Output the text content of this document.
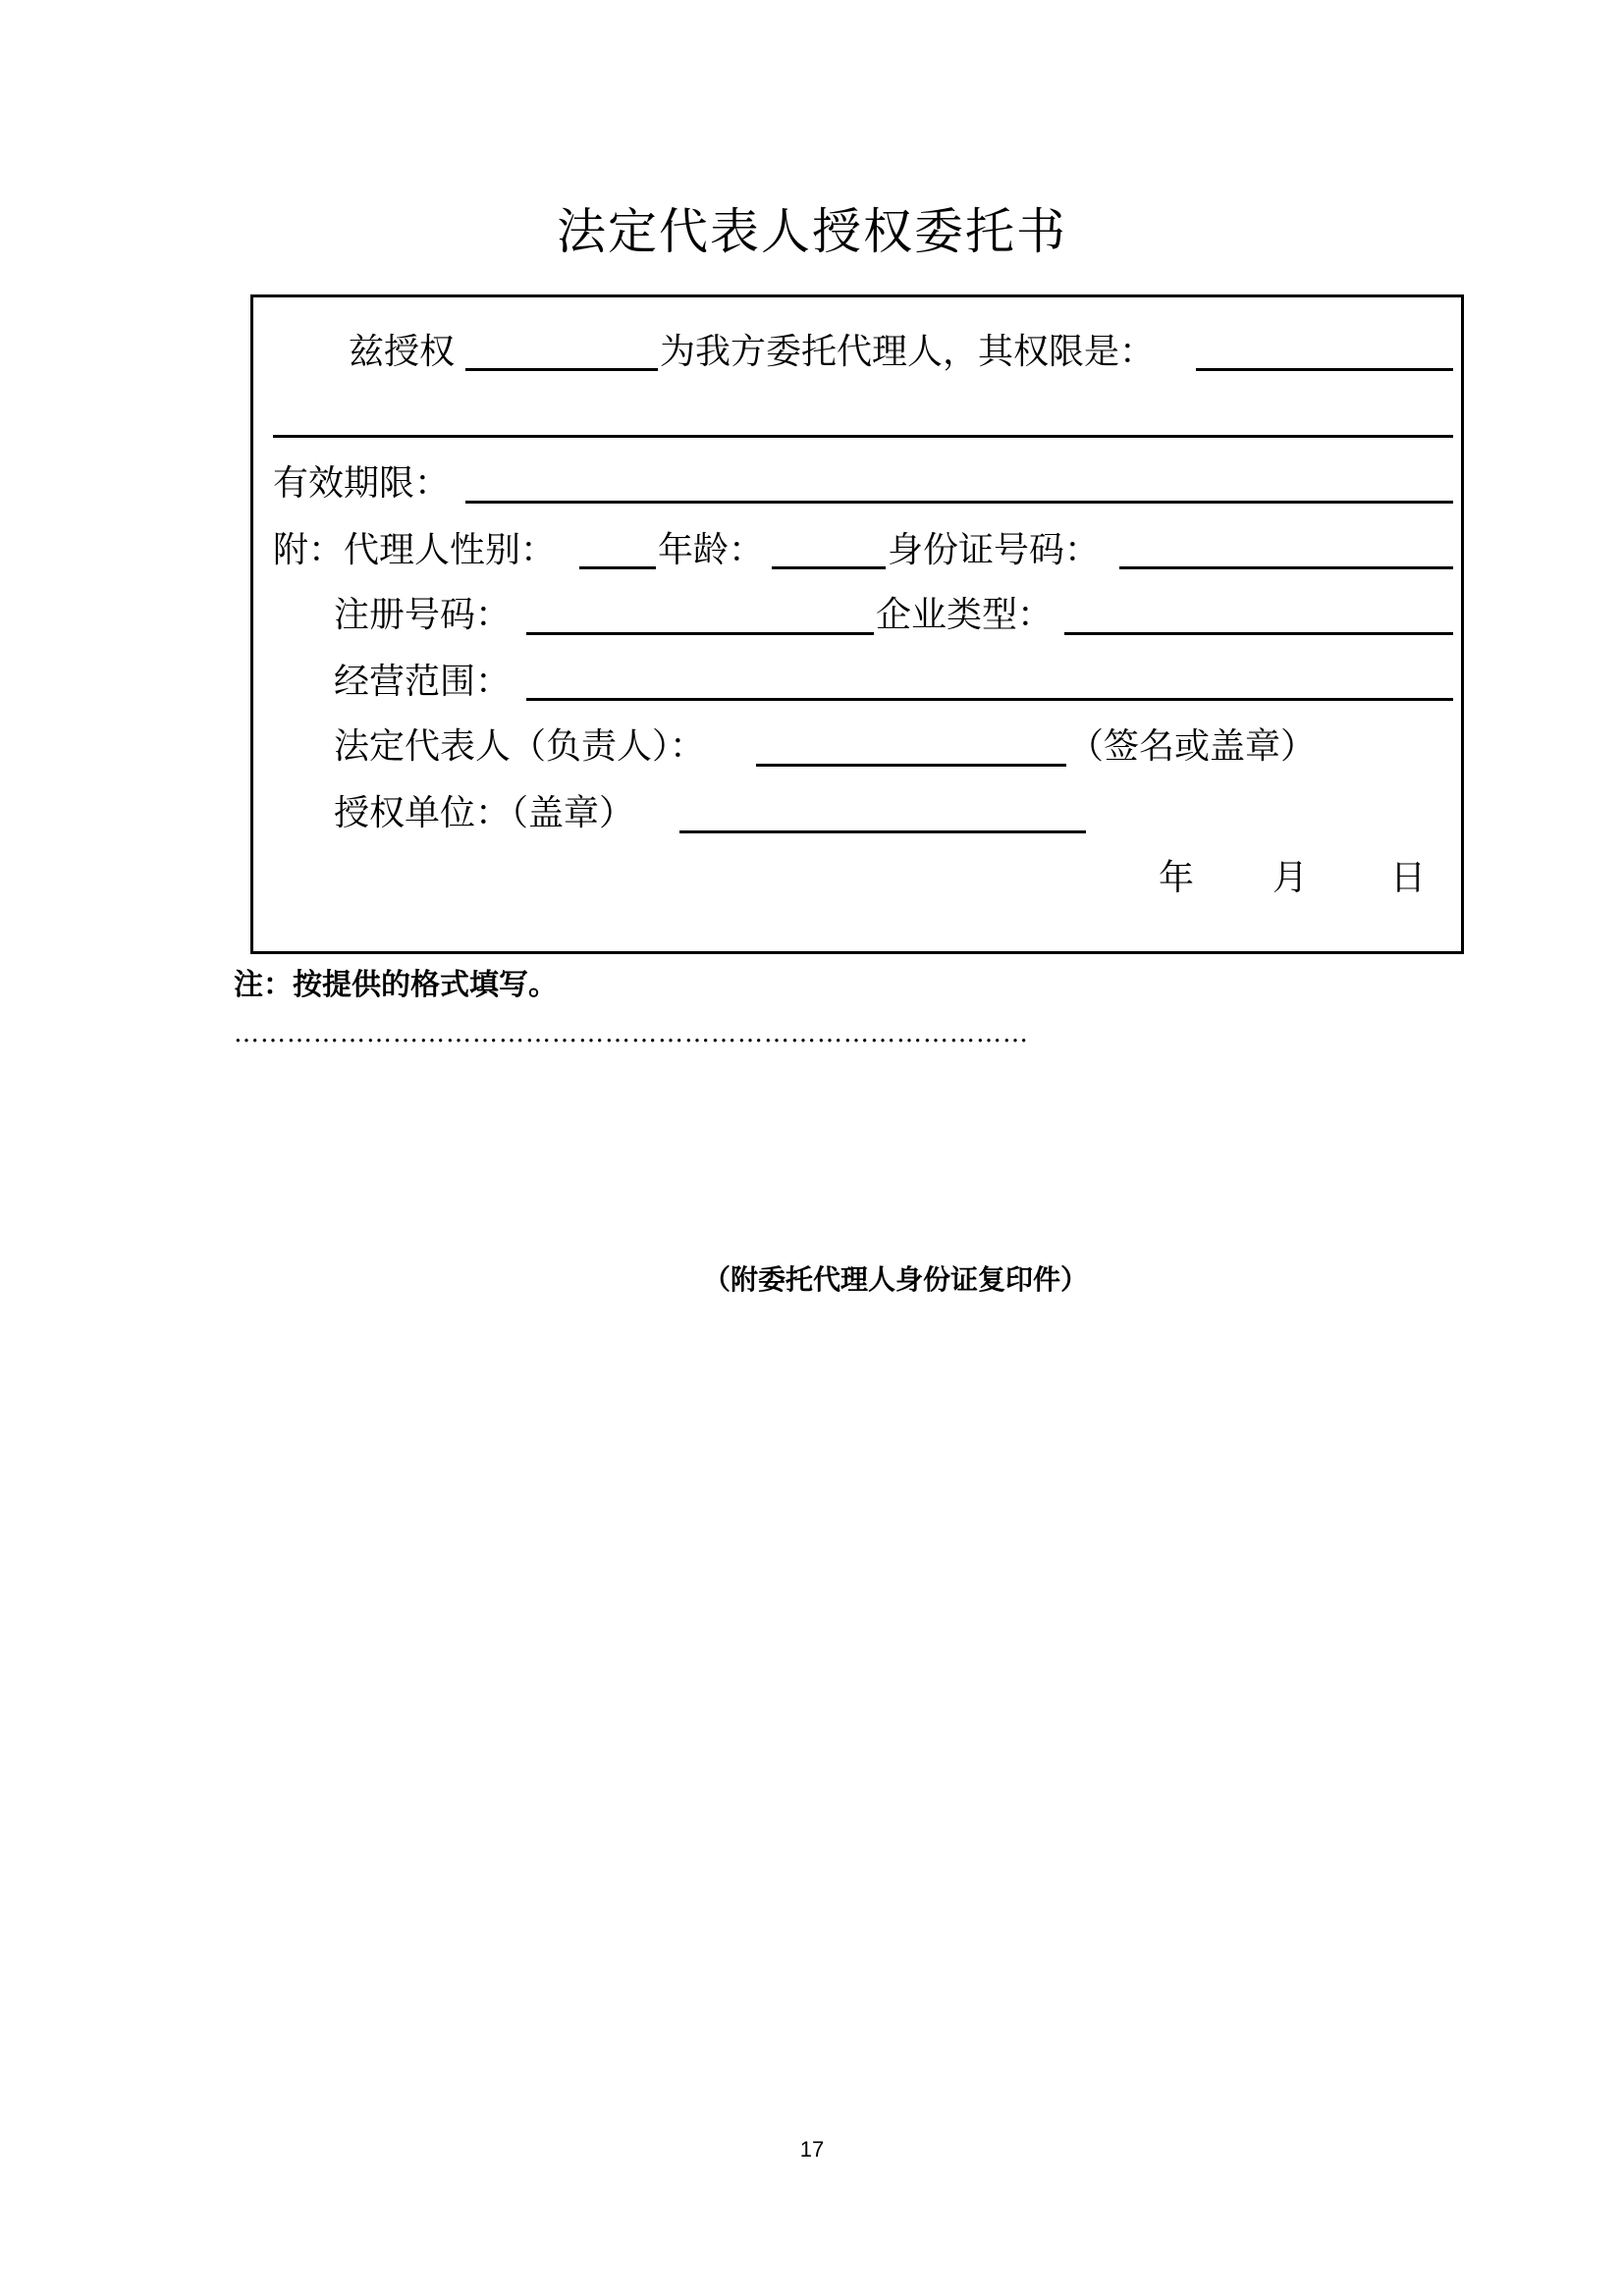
法定代表人授权委托书
兹授权	为我方委托代理人，其权限是：
有效期限：
附：代理人性别：	年龄：	身份证号码：
注册号码：	企业类型：
经营范围：
法定代表人（负责人）：	（签名或盖章）
授权单位：（盖章）
年 月 日
注：按提供的格式填写。
………………………………………………………………………………
（附委托代理人身份证复印件）
17
